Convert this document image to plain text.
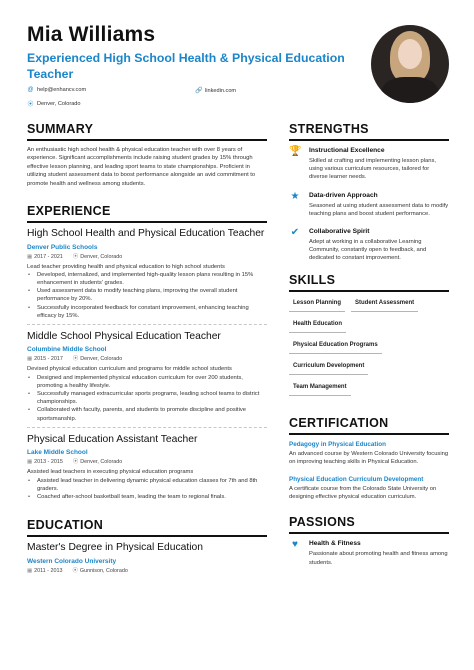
Mia Williams
Experienced High School Health & Physical Education Teacher
@ help@enhancv.com	🔗 linkedin.com
⦿ Denver, Colorado
SUMMARY
An enthusiastic high school health & physical education teacher with over 8 years of experience. Significant accomplishments include raising student grades by 15% through effective lesson planning, and leading sport teams to state championships. Proficient in utilizing student assessment data to boost performance alongside an avid commitment to promote health and wellness among students.
EXPERIENCE
High School Health and Physical Education Teacher
Denver Public Schools
▦ 2017 - 2021 ⦿ Denver, Colorado
Lead teacher providing health and physical education to high school students
• Developed, internalized, and implemented high-quality lesson plans resulting in 15% enhancement in students' grades.
• Used assessment data to modify teaching plans, improving the overall student performance by 20%.
• Successfully incorporated feedback for constant improvement, enhancing teaching efficacy by 15%.
Middle School Physical Education Teacher
Columbine Middle School
▦ 2015 - 2017 ⦿ Denver, Colorado
Devised physical education curriculum and programs for middle school students
• Designed and implemented physical education curriculum for over 200 students, promoting a healthy lifestyle.
• Successfully managed extracurricular sports programs, leading school teams to district championships.
• Collaborated with faculty, parents, and students to promote discipline and positive sportsmanship.
Physical Education Assistant Teacher
Lake Middle School
▦ 2013 - 2015 ⦿ Denver, Colorado
Assisted lead teachers in executing physical education programs
• Assisted lead teacher in delivering dynamic physical education classes for 7th and 8th graders.
• Coached after-school basketball team, leading the team to regional finals.
EDUCATION
Master's Degree in Physical Education
Western Colorado University
▦ 2011 - 2013 ⦿ Gunnison, Colorado
STRENGTHS
🏆 Instructional Excellence
Skilled at crafting and implementing lesson plans, using various curriculum resources, tailored for diverse learner needs.
★ Data-driven Approach
Seasoned at using student assessment data to modify teaching plans and boost student performance.
✔ Collaborative Spirit
Adept at working in a collaborative Learning Community, constantly open to feedback, and dedicated to constant improvement.
SKILLS
Lesson Planning	Student Assessment
Health Education
Physical Education Programs
Curriculum Development
Team Management
CERTIFICATION
Pedagogy in Physical Education
An advanced course by Western Colorado University focusing on improving teaching skills in Physical Education.
Physical Education Curriculum Development
A certificate course from the Colorado State University on designing effective physical education curriculum.
PASSIONS
♥	Health & Fitness
Passionate about promoting health and fitness among students.
